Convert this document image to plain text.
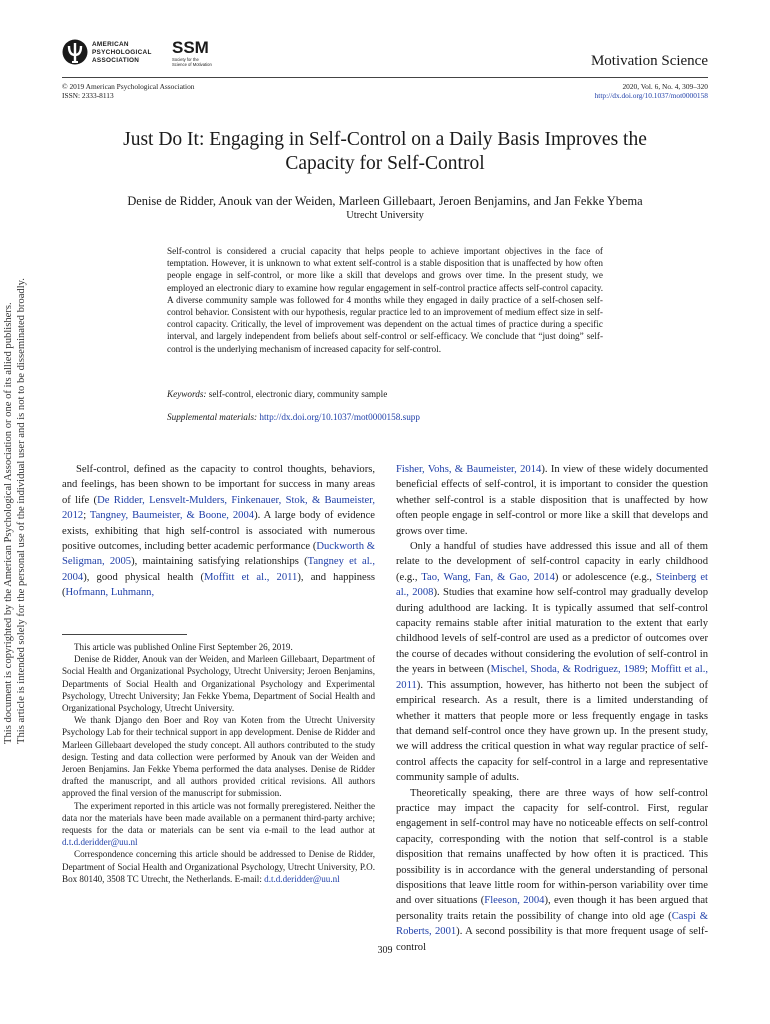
AMERICAN
PSYCHOLOGICAL
ASSOCIATION
SSM
Society for the Science of Motivation	Motivation Science
© 2019 American Psychological Association
ISSN: 2333-8113
2020, Vol. 6, No. 4, 309–320
http://dx.doi.org/10.1037/mot0000158
This document is copyrighted by the American Psychological Association or one of its allied publishers. This article is intended solely for the personal use of the individual user and is not to be disseminated broadly.
Just Do It: Engaging in Self-Control on a Daily Basis Improves the
Capacity for Self-Control
Denise de Ridder, Anouk van der Weiden, Marleen Gillebaart, Jeroen Benjamins, and Jan Fekke Ybema
Utrecht University
Self-control is considered a crucial capacity that helps people to achieve important objectives in the face of temptation. However, it is unknown to what extent self-control is a stable disposition that is unaffected by how often people engage in self-control, or more like a skill that develops and grows over time. In the present study, we employed an electronic diary to examine how regular engagement in self-control practice affects self-control capacity. A diverse community sample was followed for 4 months while they engaged in daily practice of a self-chosen self-control behavior. Consistent with our hypothesis, regular practice led to an improvement of medium effect size in self-control capacity. Critically, the level of improvement was dependent on the actual times of practice during a specific interval, and largely independent from beliefs about self-control or self-efficacy. We conclude that “just doing” self-control is the underlying mechanism of increased capacity for self-control.
Keywords: self-control, electronic diary, community sample
Supplemental materials: http://dx.doi.org/10.1037/mot0000158.supp

Self-control, defined as the capacity to control thoughts, behaviors, and feelings, has been shown to be important for success in many areas of life (De Ridder, Lensvelt-Mulders, Finkenauer, Stok, & Baumeister, 2012; Tangney, Baumeister, & Boone, 2004). A large body of evidence exists, exhibiting that high self-control is associated with numerous positive outcomes, including better academic performance (Duckworth & Seligman, 2005), maintaining satisfying relationships (Tangney et al., 2004), good physical health (Moffitt et al., 2011), and happiness (Hofmann, Luhmann,

This article was published Online First September 26, 2019.

Denise de Ridder, Anouk van der Weiden, and Marleen Gillebaart, Department of Social Health and Organizational Psychology, Utrecht University; Jeroen Benjamins, Departments of Social Health and Organizational Psychology and Experimental Psychology, Utrecht University; Jan Fekke Ybema, Department of Social Health and Organizational Psychology, Utrecht University.

We thank Django den Boer and Roy van Koten from the Utrecht University Psychology Lab for their technical support in app development. Denise de Ridder and Marleen Gillebaart developed the study concept. All authors contributed to the study design. Testing and data collection were performed by Anouk van der Weiden and Jeroen Benjamins. Jan Fekke Ybema performed the data analyses. Denise de Ridder drafted the manuscript, and all authors provided critical revisions. All authors approved the final version of the manuscript for submission.

The experiment reported in this article was not formally preregistered. Neither the data nor the materials have been made available on a permanent third-party archive; requests for the data or materials can be sent via e-mail to the lead author at d.t.d.deridder@uu.nl

Correspondence concerning this article should be addressed to Denise de Ridder, Department of Social Health and Organizational Psychology, Utrecht University, P.O. Box 80140, 3508 TC Utrecht, the Netherlands. E-mail: d.t.d.deridder@uu.nl

Fisher, Vohs, & Baumeister, 2014). In view of these widely documented beneficial effects of self-control, it is important to consider the question whether self-control is a stable disposition that is unaffected by how often people engage in self-control or more like a skill that develops and grows over time.

Only a handful of studies have addressed this issue and all of them relate to the development of self-control capacity in early childhood (e.g., Tao, Wang, Fan, & Gao, 2014) or adolescence (e.g., Steinberg et al., 2008). Studies that examine how self-control may gradually develop during adulthood are lacking. It is typically assumed that self-control capacity remains stable after initial maturation to the extent that early childhood levels of self-control are used as a predictor of outcomes over the course of decades without considering the evolution of self-control in the years in between (Mischel, Shoda, & Rodriguez, 1989; Moffitt et al., 2011). This assumption, however, has hitherto not been the subject of empirical research. As a result, there is a limited understanding of whether it matters that people more or less frequently engage in tasks that demand self-control once they have grown up. In the present study, we will address the critical question in what way regular practice of self-control affects the capacity for self-control in a large and representative community sample of adults.

Theoretically speaking, there are three ways of how self-control practice may impact the capacity for self-control. First, regular engagement in self-control may have no noticeable effects on self-control capacity, corresponding with the notion that self-control is a stable disposition that remains unaffected by how often it is practiced. This possibility is in accordance with the general understanding of personal dispositions that leave little room for within-person variability over time and over situations (Fleeson, 2004), even though it has been argued that personality traits retain the possibility of change into old age (Caspi & Roberts, 2001). A second possibility is that more frequent usage of self-control

309
